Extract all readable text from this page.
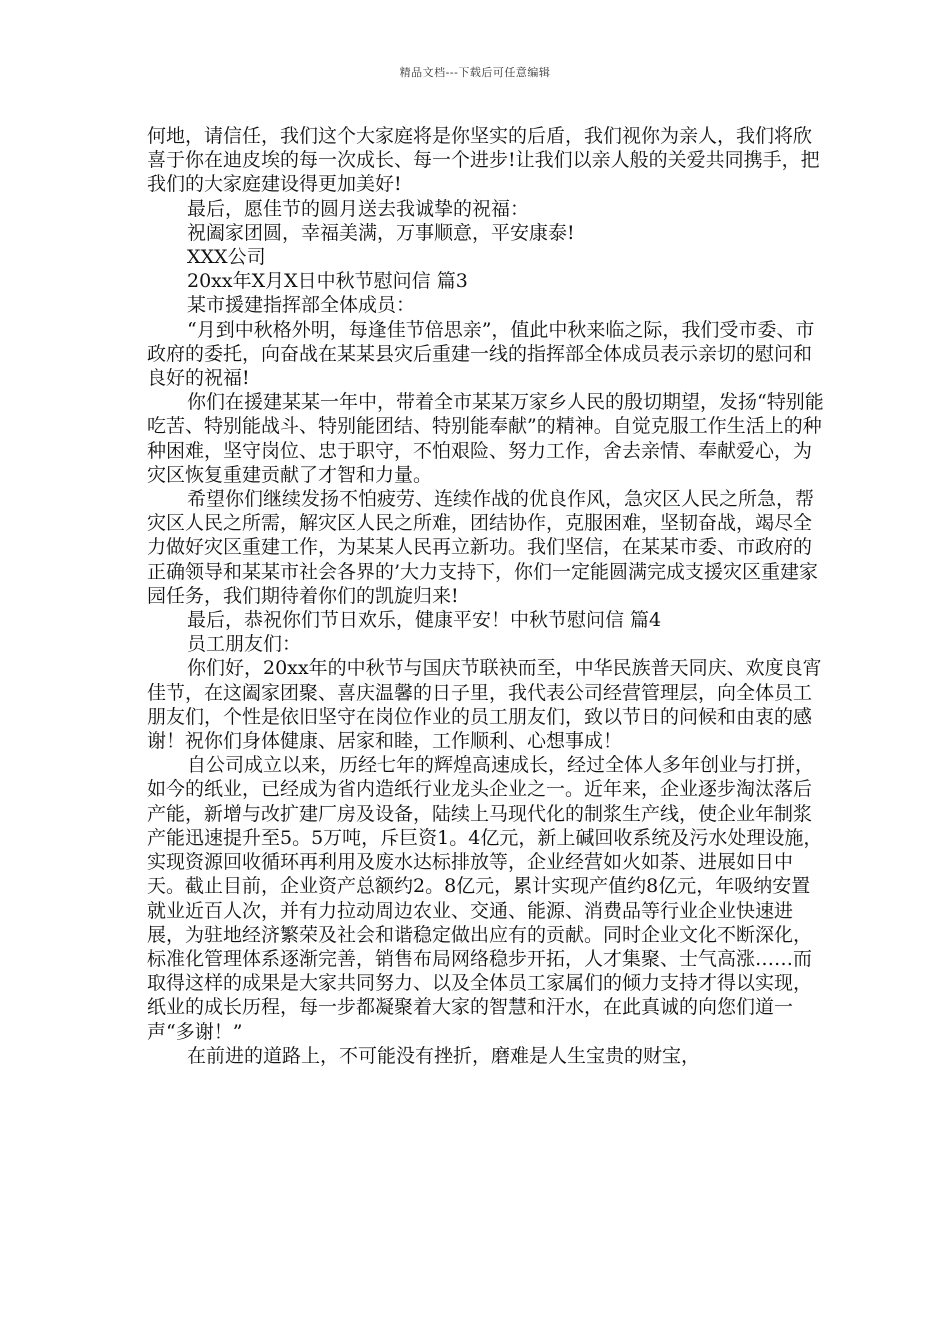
精品文档---下载后可任意编辑

何地，请信任，我们这个大家庭将是你坚实的后盾，我们视你为亲人，我们将欣喜于你在迪皮埃的每一次成长、每一个进步!让我们以亲人般的关爱共同携手，把我们的大家庭建设得更加美好!

最后，愿佳节的圆月送去我诚挚的祝福：

祝阖家团圆，幸福美满，万事顺意，平安康泰!

XXX公司

20xx年X月X日中秋节慰问信 篇3

某市援建指挥部全体成员：

“月到中秋格外明，每逢佳节倍思亲”，值此中秋来临之际，我们受市委、市政府的委托，向奋战在某某县灾后重建一线的指挥部全体成员表示亲切的慰问和良好的祝福!

你们在援建某某一年中，带着全市某某万家乡人民的殷切期望，发扬“特别能吃苦、特别能战斗、特别能团结、特别能奉献”的精神。自觉克服工作生活上的种种困难，坚守岗位、忠于职守，不怕艰险、努力工作，舍去亲情、奉献爱心，为灾区恢复重建贡献了才智和力量。

希望你们继续发扬不怕疲劳、连续作战的优良作风，急灾区人民之所急，帮灾区人民之所需，解灾区人民之所难，团结协作，克服困难，坚韧奋战，竭尽全力做好灾区重建工作，为某某人民再立新功。我们坚信，在某某市委、市政府的正确领导和某某市社会各界的’大力支持下，你们一定能圆满完成支援灾区重建家园任务，我们期待着你们的凯旋归来!

最后，恭祝你们节日欢乐，健康平安！中秋节慰问信 篇4

员工朋友们：

你们好，20xx年的中秋节与国庆节联袂而至，中华民族普天同庆、欢度良宵佳节，在这阖家团聚、喜庆温馨的日子里，我代表公司经营管理层，向全体员工朋友们，个性是依旧坚守在岗位作业的员工朋友们，致以节日的问候和由衷的感谢！祝你们身体健康、居家和睦，工作顺利、心想事成！

自公司成立以来，历经七年的辉煌高速成长，经过全体人多年创业与打拼，如今的纸业，已经成为省内造纸行业龙头企业之一。近年来，企业逐步淘汰落后产能，新增与改扩建厂房及设备，陆续上马现代化的制浆生产线，使企业年制浆产能迅速提升至5。5万吨，斥巨资1。4亿元，新上碱回收系统及污水处理设施，实现资源回收循环再利用及废水达标排放等，企业经营如火如荼、进展如日中天。截止目前，企业资产总额约2。8亿元，累计实现产值约8亿元，年吸纳安置就业近百人次，并有力拉动周边农业、交通、能源、消费品等行业企业快速进展，为驻地经济繁荣及社会和谐稳定做出应有的贡献。同时企业文化不断深化，标准化管理体系逐渐完善，销售布局网络稳步开拓，人才集聚、士气高涨……而取得这样的成果是大家共同努力、以及全体员工家属们的倾力支持才得以实现，纸业的成长历程，每一步都凝聚着大家的智慧和汗水，在此真诚的向您们道一声“多谢！”

在前进的道路上，不可能没有挫折，磨难是人生宝贵的财宝，
